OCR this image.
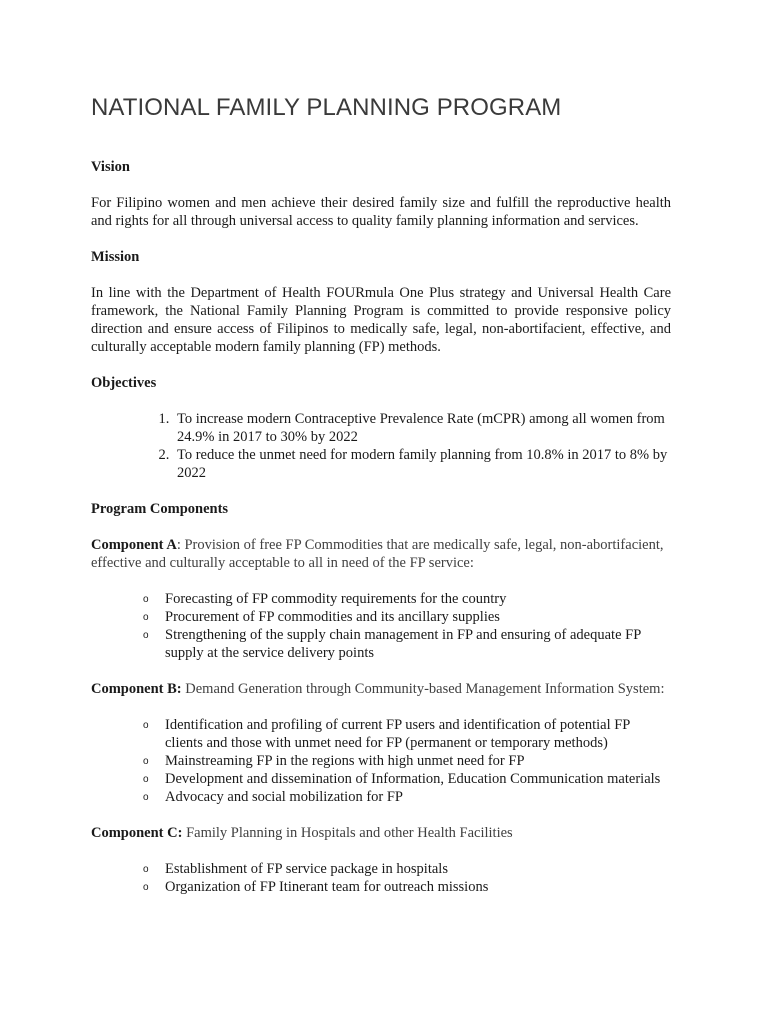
NATIONAL FAMILY PLANNING PROGRAM
Vision

For Filipino women and men achieve their desired family size and fulfill the reproductive health and rights for all through universal access to quality family planning information and services.

Mission

In line with the Department of Health FOURmula One Plus strategy and Universal Health Care framework, the National Family Planning Program is committed to provide responsive policy direction and ensure access of Filipinos to medically safe, legal, non-abortifacient, effective, and culturally acceptable modern family planning (FP) methods.

Objectives
1. To increase modern Contraceptive Prevalence Rate (mCPR) among all women from 24.9% in 2017 to 30% by 2022
2. To reduce the unmet need for modern family planning from 10.8% in 2017 to 8% by 2022
Program Components

Component A: Provision of free FP Commodities that are medically safe, legal, non-abortifacient, effective and culturally acceptable to all in need of the FP service:

o Forecasting of FP commodity requirements for the country
o Procurement of FP commodities and its ancillary supplies
o Strengthening of the supply chain management in FP and ensuring of adequate FP supply at the service delivery points

Component B: Demand Generation through Community-based Management Information System:

o Identification and profiling of current FP users and identification of potential FP clients and those with unmet need for FP (permanent or temporary methods)
o Mainstreaming FP in the regions with high unmet need for FP
o Development and dissemination of Information, Education Communication materials
o Advocacy and social mobilization for FP

Component C: Family Planning in Hospitals and other Health Facilities

o Establishment of FP service package in hospitals
o Organization of FP Itinerant team for outreach missions
